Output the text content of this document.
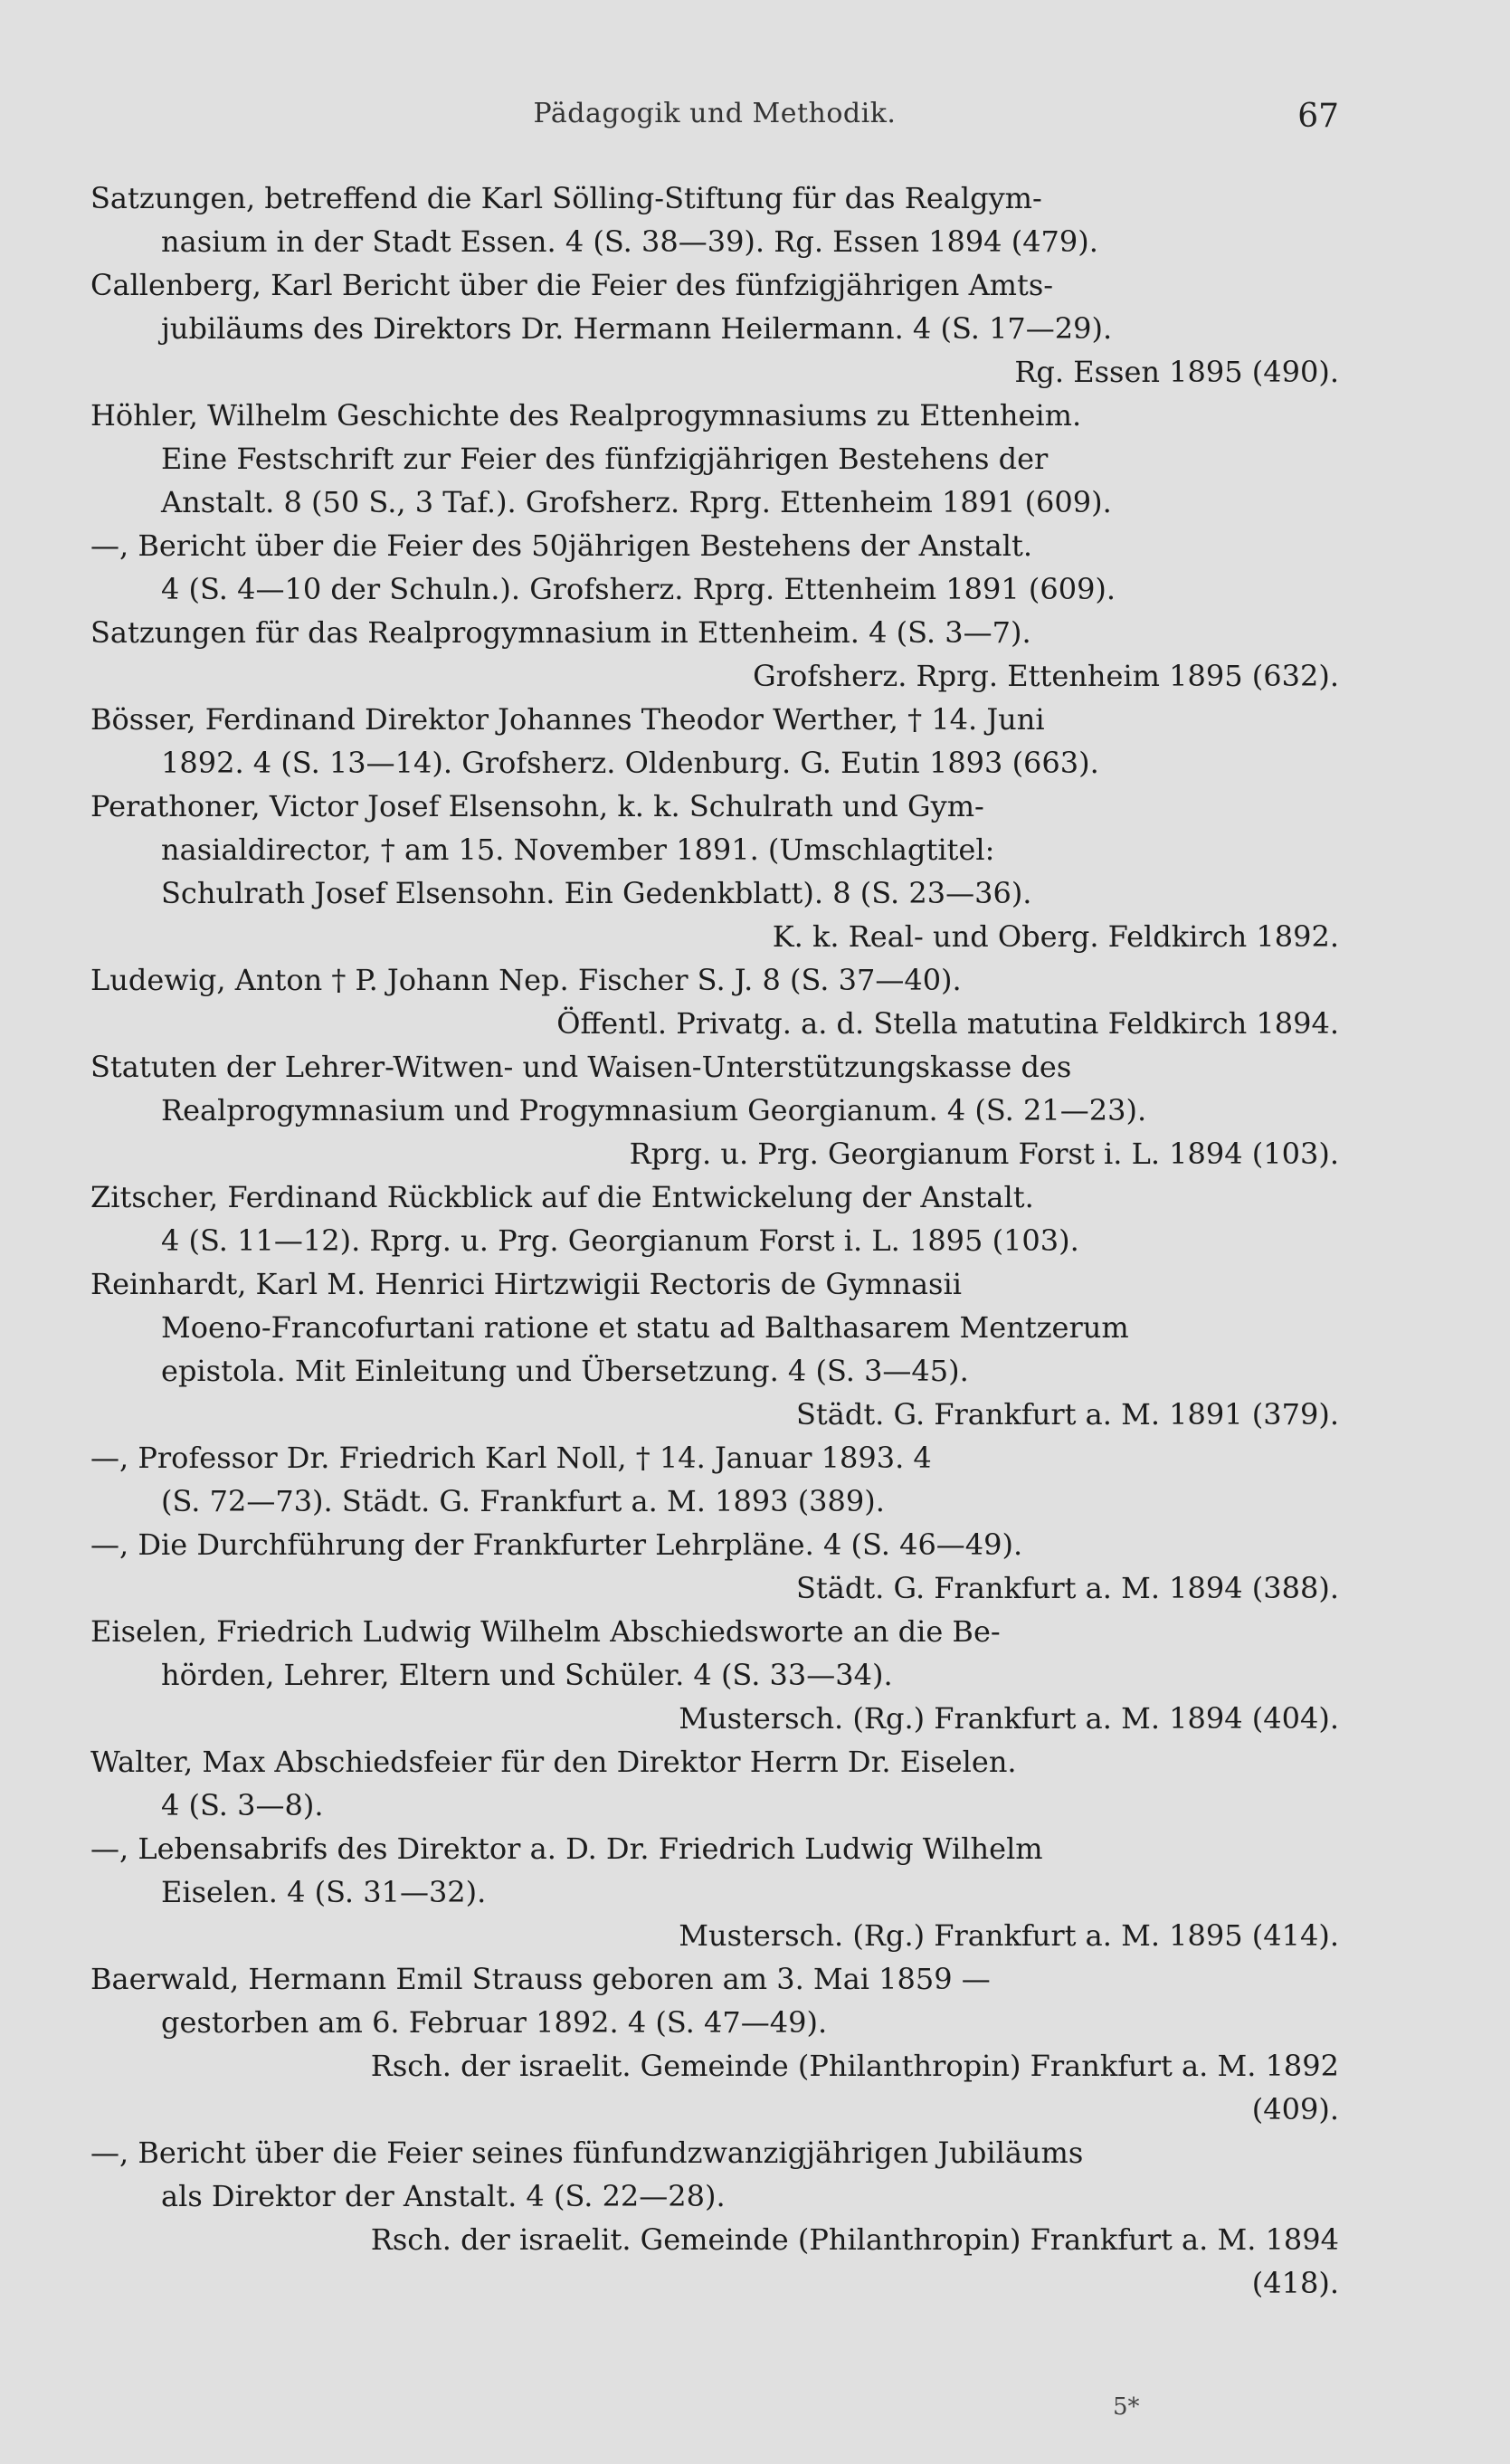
Pädagogik und Methodik.	67
Satzungen, betreffend die Karl Sölling-Stiftung für das Realgym-
nasium in der Stadt Essen. 4 (S. 38—39). Rg. Essen 1894 (479).
Callenberg, Karl Bericht über die Feier des fünfzigjährigen Amts-
jubiläums des Direktors Dr. Hermann Heilermann. 4 (S. 17—29).
Rg. Essen 1895 (490).
Höhler, Wilhelm Geschichte des Realprogymnasiums zu Ettenheim.
Eine Festschrift zur Feier des fünfzigjährigen Bestehens der
Anstalt. 8 (50 S., 3 Taf.). Grofsherz. Rprg. Ettenheim 1891 (609).
—, Bericht über die Feier des 50jährigen Bestehens der Anstalt.
4 (S. 4—10 der Schuln.). Grofsherz. Rprg. Ettenheim 1891 (609).
Satzungen für das Realprogymnasium in Ettenheim. 4 (S. 3—7).
Grofsherz. Rprg. Ettenheim 1895 (632).
Bösser, Ferdinand Direktor Johannes Theodor Werther, † 14. Juni
1892. 4 (S. 13—14). Grofsherz. Oldenburg. G. Eutin 1893 (663).
Perathoner, Victor Josef Elsensohn, k. k. Schulrath und Gym-
nasialdirector, † am 15. November 1891. (Umschlagtitel:
Schulrath Josef Elsensohn. Ein Gedenkblatt). 8 (S. 23—36).
K. k. Real- und Oberg. Feldkirch 1892.
Ludewig, Anton † P. Johann Nep. Fischer S. J. 8 (S. 37—40).
Öffentl. Privatg. a. d. Stella matutina Feldkirch 1894.
Statuten der Lehrer-Witwen- und Waisen-Unterstützungskasse des
Realprogymnasium und Progymnasium Georgianum. 4 (S. 21—23).
Rprg. u. Prg. Georgianum Forst i. L. 1894 (103).
Zitscher, Ferdinand Rückblick auf die Entwickelung der Anstalt.
4 (S. 11—12). Rprg. u. Prg. Georgianum Forst i. L. 1895 (103).
Reinhardt, Karl M. Henrici Hirtzwigii Rectoris de Gymnasii
Moeno-Francofurtani ratione et statu ad Balthasarem Mentzerum
epistola. Mit Einleitung und Übersetzung. 4 (S. 3—45).
Städt. G. Frankfurt a. M. 1891 (379).
—, Professor Dr. Friedrich Karl Noll, † 14. Januar 1893. 4
(S. 72—73). Städt. G. Frankfurt a. M. 1893 (389).
—, Die Durchführung der Frankfurter Lehrpläne. 4 (S. 46—49).
Städt. G. Frankfurt a. M. 1894 (388).
Eiselen, Friedrich Ludwig Wilhelm Abschiedsworte an die Be-
hörden, Lehrer, Eltern und Schüler. 4 (S. 33—34).
Mustersch. (Rg.) Frankfurt a. M. 1894 (404).
Walter, Max Abschiedsfeier für den Direktor Herrn Dr. Eiselen.
4 (S. 3—8).
—, Lebensabrifs des Direktor a. D. Dr. Friedrich Ludwig Wilhelm
Eiselen. 4 (S. 31—32).
Mustersch. (Rg.) Frankfurt a. M. 1895 (414).
Baerwald, Hermann Emil Strauss geboren am 3. Mai 1859 —
gestorben am 6. Februar 1892. 4 (S. 47—49).
Rsch. der israelit. Gemeinde (Philanthropin) Frankfurt a. M. 1892
(409).
—, Bericht über die Feier seines fünfundzwanzigjährigen Jubiläums
als Direktor der Anstalt. 4 (S. 22—28).
Rsch. der israelit. Gemeinde (Philanthropin) Frankfurt a. M. 1894
(418).
5*
